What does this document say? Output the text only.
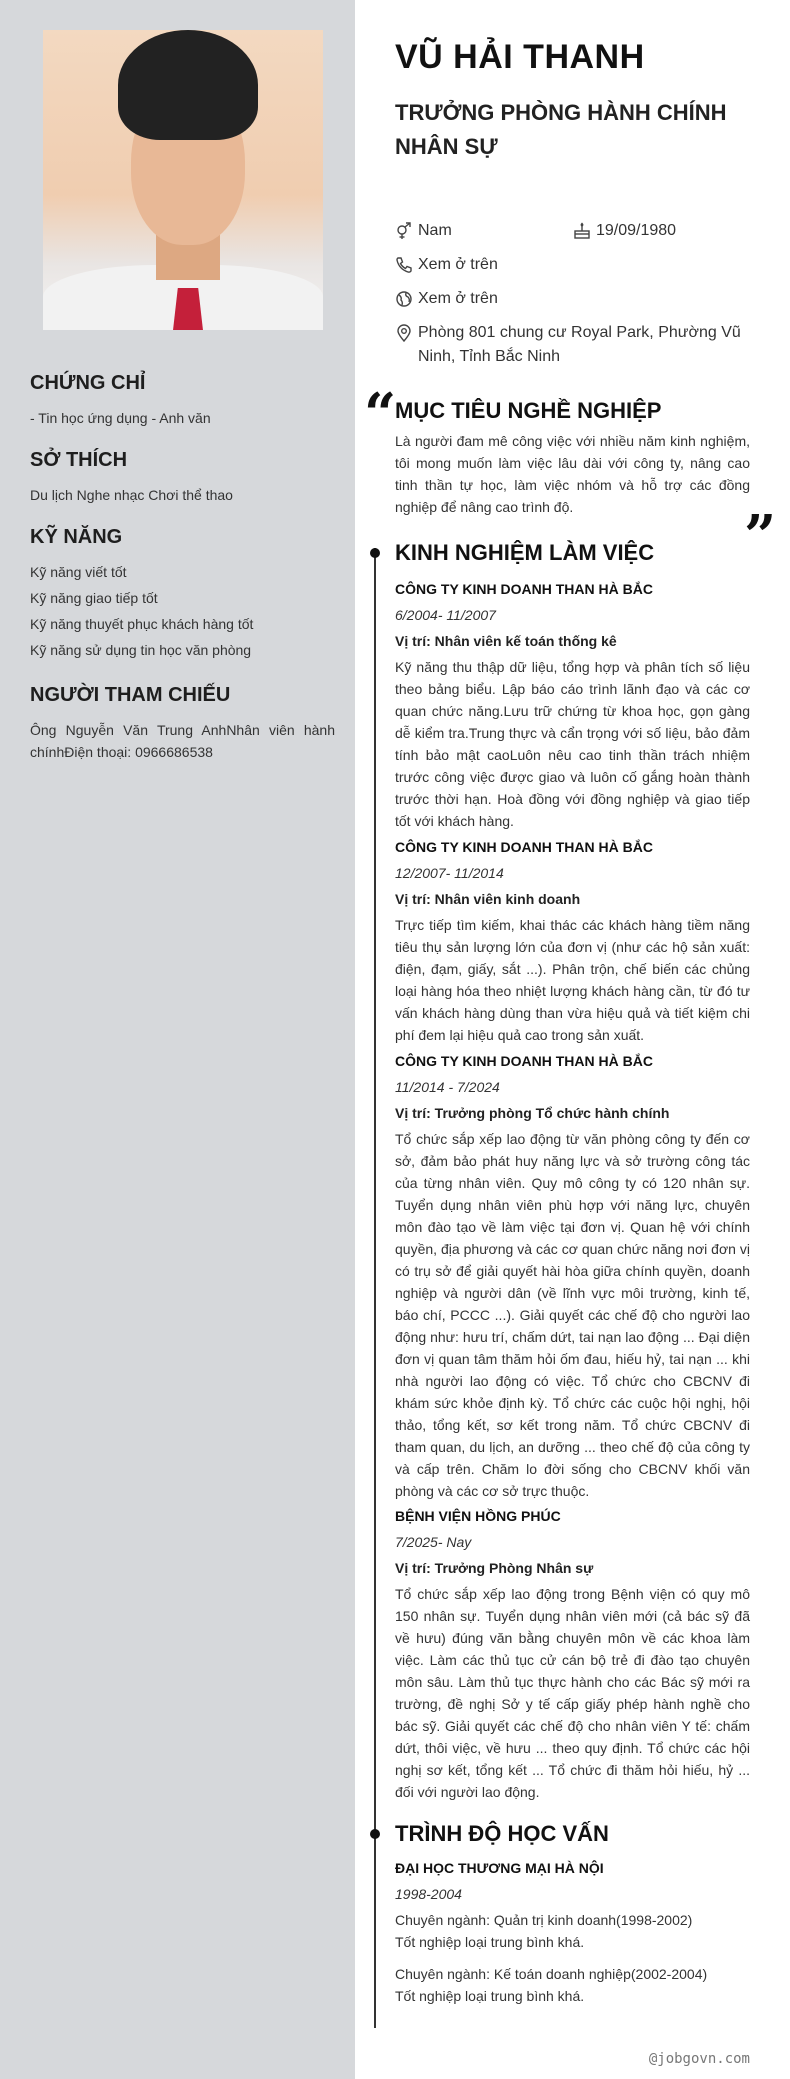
CHỨNG CHỈ
- Tin học ứng dụng - Anh văn
SỞ THÍCH
Du lịch Nghe nhạc Chơi thể thao
KỸ NĂNG
Kỹ năng viết tốt
Kỹ năng giao tiếp tốt
Kỹ năng thuyết phục khách hàng tốt
Kỹ năng sử dụng tin học văn phòng
NGƯỜI THAM CHIẾU
Ông Nguyễn Văn Trung AnhNhân viên hành chínhĐiện thoại: 0966686538
VŨ HẢI THANH
TRƯỞNG PHÒNG HÀNH CHÍNH NHÂN SỰ
Nam	19/09/1980
Xem ở trên
Xem ở trên
Phòng 801 chung cư Royal Park, Phường Vũ Ninh, Tỉnh Bắc Ninh
“
”
MỤC TIÊU NGHỀ NGHIỆP
Là người đam mê công việc với nhiều năm kinh nghiệm, tôi mong muốn làm việc lâu dài với công ty, nâng cao tinh thần tự học, làm việc nhóm và hỗ trợ các đồng nghiệp để nâng cao trình độ.
KINH NGHIỆM LÀM VIỆC
CÔNG TY KINH DOANH THAN HÀ BẮC
6/2004- 11/2007
Vị trí: Nhân viên kế toán thống kê
Kỹ năng thu thập dữ liệu, tổng hợp và phân tích số liệu theo bảng biểu. Lập báo cáo trình lãnh đạo và các cơ quan chức năng.Lưu trữ chứng từ khoa học, gọn gàng dễ kiểm tra.Trung thực và cẩn trọng với số liệu, bảo đảm tính bảo mật caoLuôn nêu cao tinh thần trách nhiệm trước công việc được giao và luôn cố gắng hoàn thành trước thời hạn. Hoà đồng với đồng nghiệp và giao tiếp tốt với khách hàng.
CÔNG TY KINH DOANH THAN HÀ BẮC
12/2007- 11/2014
Vị trí: Nhân viên kinh doanh
Trực tiếp tìm kiếm, khai thác các khách hàng tiềm năng tiêu thụ sản lượng lớn của đơn vị (như các hộ sản xuất: điện, đạm, giấy, sắt ...). Phân trộn, chế biến các chủng loại hàng hóa theo nhiệt lượng khách hàng cần, từ đó tư vấn khách hàng dùng than vừa hiệu quả và tiết kiệm chi phí đem lại hiệu quả cao trong sản xuất.
CÔNG TY KINH DOANH THAN HÀ BẮC
11/2014 - 7/2024
Vị trí: Trưởng phòng Tổ chức hành chính
Tổ chức sắp xếp lao động từ văn phòng công ty đến cơ sở, đảm bảo phát huy năng lực và sở trường công tác của từng nhân viên. Quy mô công ty có 120 nhân sự. Tuyển dụng nhân viên phù hợp với năng lực, chuyên môn đào tạo về làm việc tại đơn vị. Quan hệ với chính quyền, địa phương và các cơ quan chức năng nơi đơn vị có trụ sở để giải quyết hài hòa giữa chính quyền, doanh nghiệp và người dân (về lĩnh vực môi trường, kinh tế, báo chí, PCCC ...). Giải quyết các chế độ cho người lao động như: hưu trí, chấm dứt, tai nạn lao động ... Đại diện đơn vị quan tâm thăm hỏi ốm đau, hiếu hỷ, tai nạn ... khi nhà người lao động có việc. Tổ chức cho CBCNV đi khám sức khỏe định kỳ. Tổ chức các cuộc hội nghị, hội thảo, tổng kết, sơ kết trong năm. Tổ chức CBCNV đi tham quan, du lịch, an dưỡng ... theo chế độ của công ty và cấp trên. Chăm lo đời sống cho CBCNV khối văn phòng và các cơ sở trực thuộc.
BỆNH VIỆN HỒNG PHÚC
7/2025- Nay
Vị trí: Trưởng Phòng Nhân sự
Tổ chức sắp xếp lao động trong Bệnh viện có quy mô 150 nhân sự. Tuyển dụng nhân viên mới (cả bác sỹ đã về hưu) đúng văn bằng chuyên môn về các khoa làm việc. Làm các thủ tục cử cán bộ trẻ đi đào tạo chuyên môn sâu. Làm thủ tục thực hành cho các Bác sỹ mới ra trường, đề nghị Sở y tế cấp giấy phép hành nghề cho bác sỹ. Giải quyết các chế độ cho nhân viên Y tế: chấm dứt, thôi việc, về hưu ... theo quy định. Tổ chức các hội nghị sơ kết, tổng kết ... Tổ chức đi thăm hỏi hiếu, hỷ ... đối với người lao động.
TRÌNH ĐỘ HỌC VẤN
ĐẠI HỌC THƯƠNG MẠI HÀ NỘI
1998-2004
Chuyên ngành: Quản trị kinh doanh(1998-2002)
Tốt nghiệp loại trung bình khá.
Chuyên ngành: Kế toán doanh nghiệp(2002-2004)
Tốt nghiệp loại trung bình khá.
@jobgovn.com
